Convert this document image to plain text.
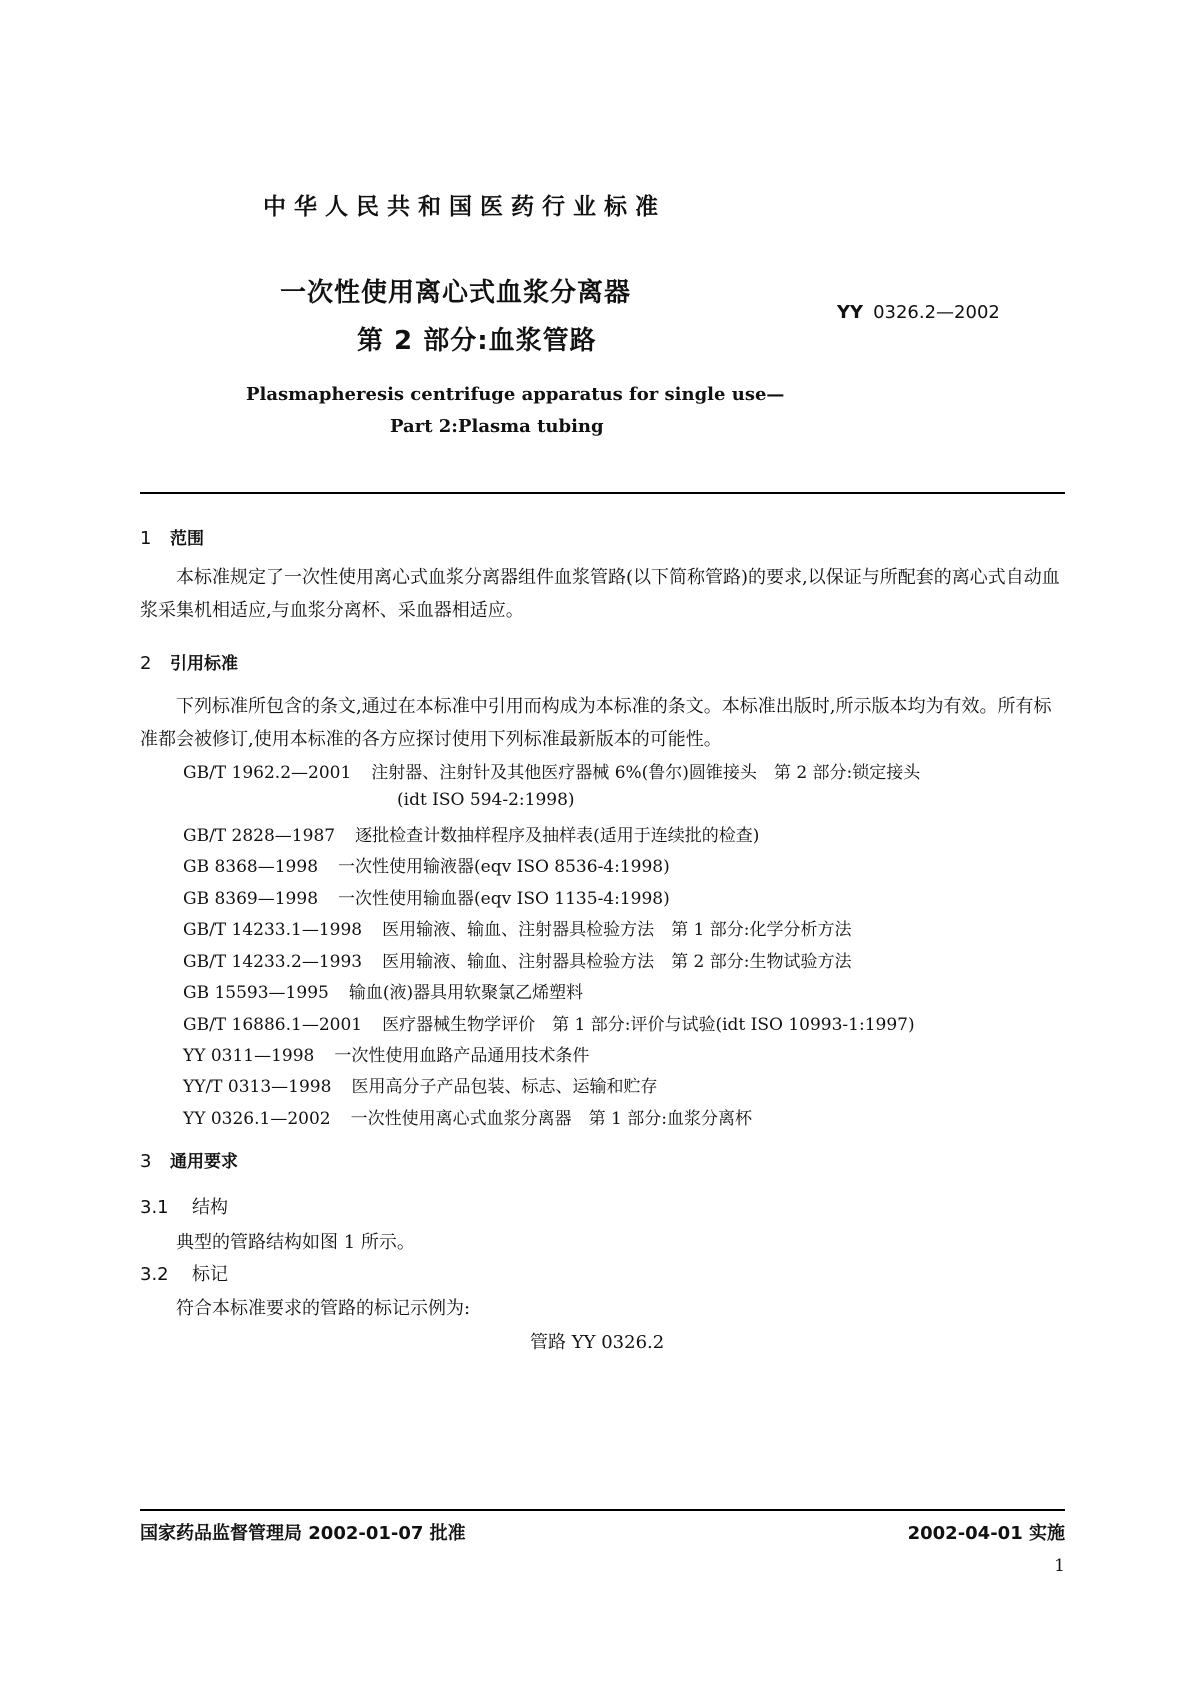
中华人民共和国医药行业标准
一次性使用离心式血浆分离器
第 2 部分:血浆管路
YY 0326.2—2002
Plasmapheresis centrifuge apparatus for single use—
Part 2:Plasma tubing
1 范围
本标准规定了一次性使用离心式血浆分离器组件血浆管路(以下简称管路)的要求,以保证与所配套的离心式自动血浆采集机相适应,与血浆分离杯、采血器相适应。
2 引用标准
下列标准所包含的条文,通过在本标准中引用而构成为本标准的条文。本标准出版时,所示版本均为有效。所有标准都会被修订,使用本标准的各方应探讨使用下列标准最新版本的可能性。
GB/T 1962.2—2001 注射器、注射针及其他医疗器械 6%(鲁尔)圆锥接头　第 2 部分:锁定接头
(idt ISO 594-2:1998)
GB/T 2828—1987 逐批检查计数抽样程序及抽样表(适用于连续批的检查)
GB 8368—1998 一次性使用输液器(eqv ISO 8536-4:1998)
GB 8369—1998 一次性使用输血器(eqv ISO 1135-4:1998)
GB/T 14233.1—1998 医用输液、输血、注射器具检验方法　第 1 部分:化学分析方法
GB/T 14233.2—1993 医用输液、输血、注射器具检验方法　第 2 部分:生物试验方法
GB 15593—1995 输血(液)器具用软聚氯乙烯塑料
GB/T 16886.1—2001 医疗器械生物学评价　第 1 部分:评价与试验(idt ISO 10993-1:1997)
YY 0311—1998 一次性使用血路产品通用技术条件
YY/T 0313—1998 医用高分子产品包装、标志、运输和贮存
YY 0326.1—2002 一次性使用离心式血浆分离器　第 1 部分:血浆分离杯
3 通用要求
3.1 结构
典型的管路结构如图 1 所示。
3.2 标记
符合本标准要求的管路的标记示例为:
管路 YY 0326.2
国家药品监督管理局 2002-01-07 批准	2002-04-01 实施
1
